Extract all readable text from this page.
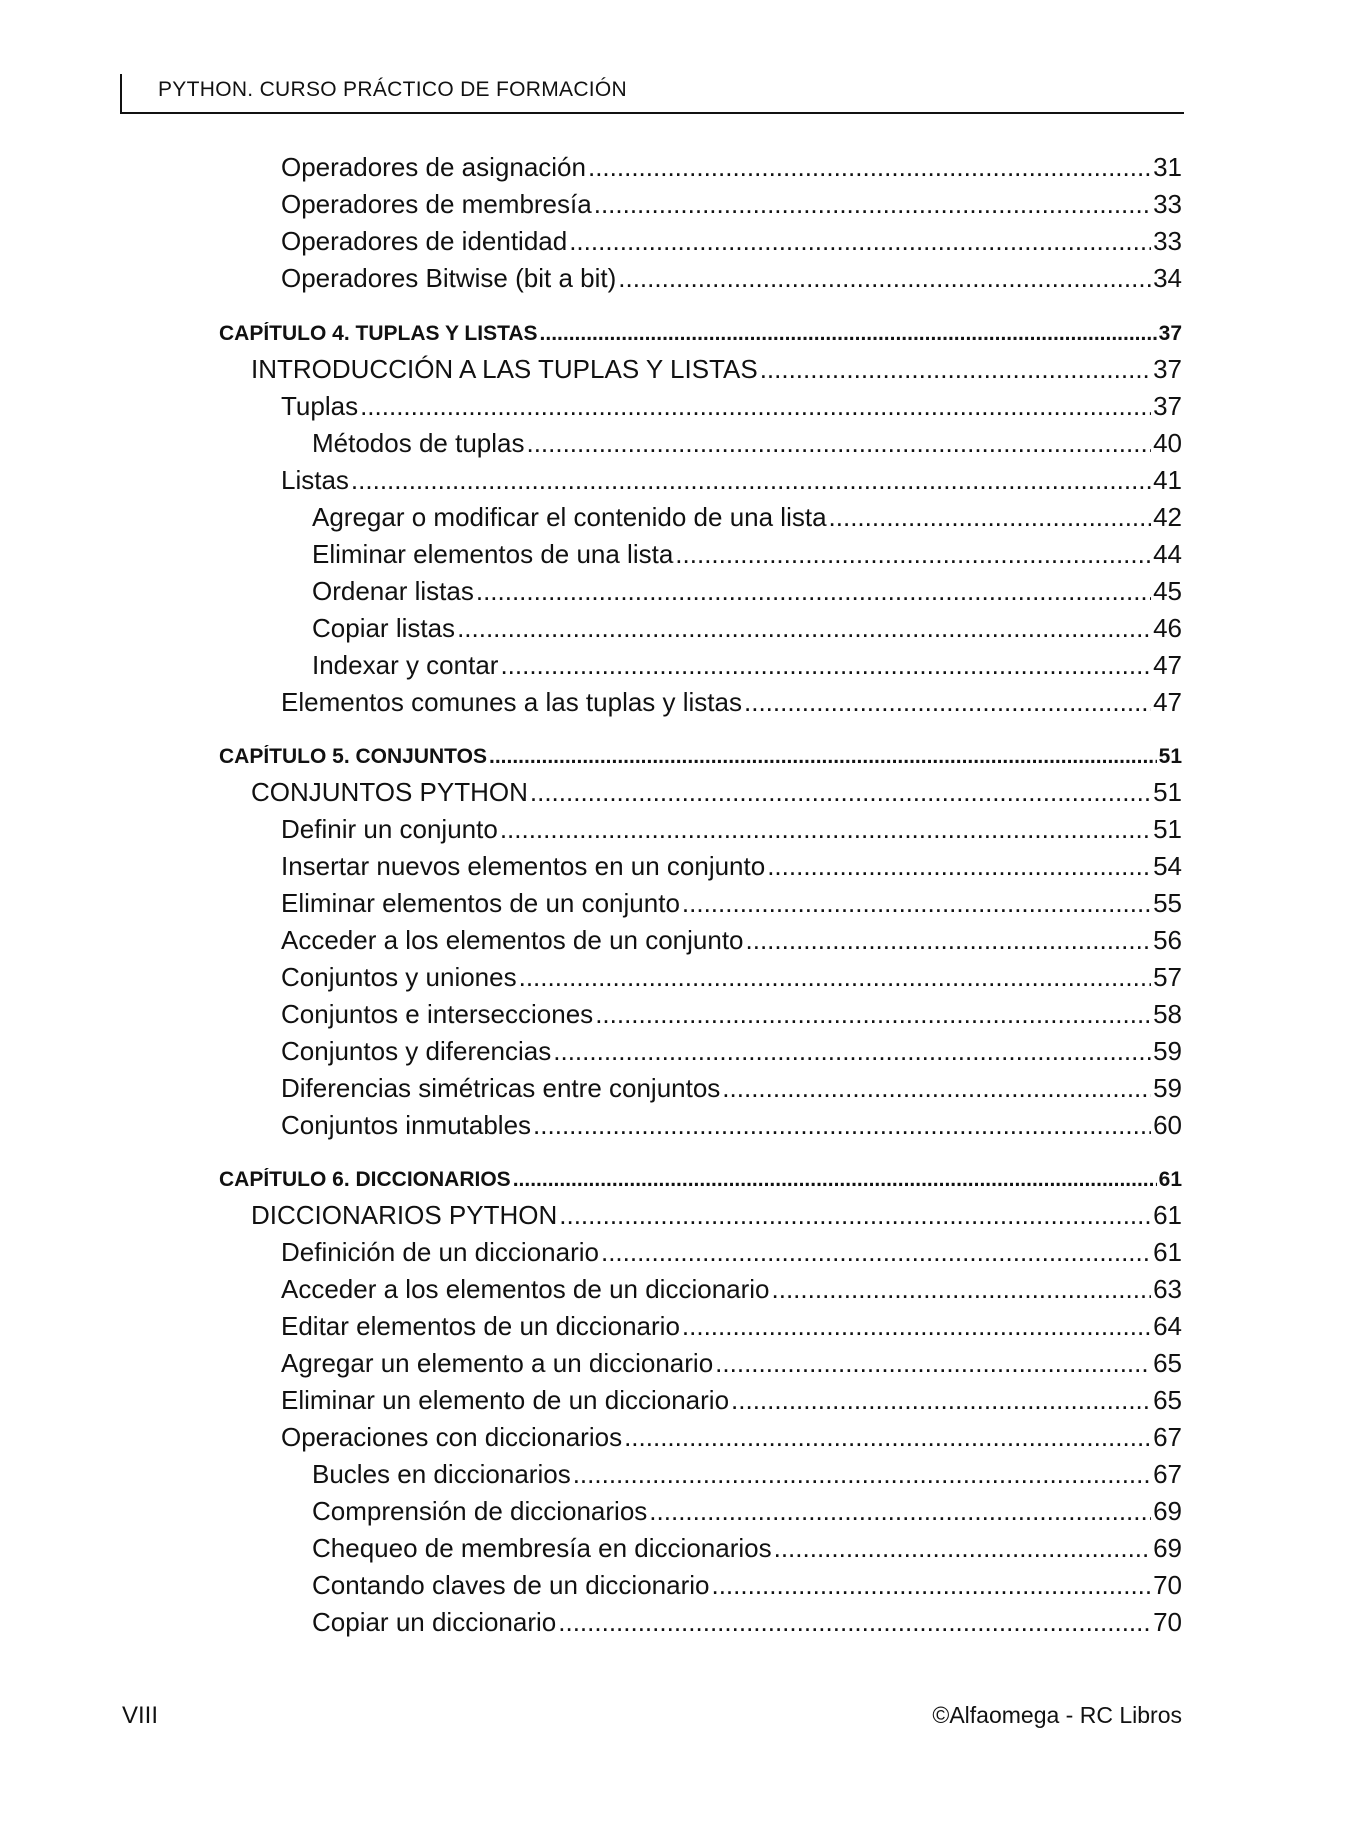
PYTHON. CURSO PRÁCTICO DE FORMACIÓN
Operadores de asignación .....	31
Operadores de membresía .....	33
Operadores de identidad .....	33
Operadores Bitwise (bit a bit) .....	34
CAPÍTULO 4. TUPLAS Y LISTAS .....	37
INTRODUCCIÓN A LAS TUPLAS Y LISTAS .....	37
Tuplas .....	37
Métodos de tuplas .....	40
Listas .....	41
Agregar o modificar el contenido de una lista .....	42
Eliminar elementos de una lista .....	44
Ordenar listas .....	45
Copiar listas .....	46
Indexar y contar .....	47
Elementos comunes a las tuplas y listas .....	47
CAPÍTULO 5. CONJUNTOS .....	51
CONJUNTOS PYTHON .....	51
Definir un conjunto .....	51
Insertar nuevos elementos en un conjunto .....	54
Eliminar elementos de un conjunto .....	55
Acceder a los elementos de un conjunto .....	56
Conjuntos y uniones .....	57
Conjuntos e intersecciones .....	58
Conjuntos y diferencias .....	59
Diferencias simétricas entre conjuntos .....	59
Conjuntos inmutables .....	60
CAPÍTULO 6. DICCIONARIOS .....	61
DICCIONARIOS PYTHON .....	61
Definición de un diccionario .....	61
Acceder a los elementos de un diccionario .....	63
Editar elementos de un diccionario .....	64
Agregar un elemento a un diccionario .....	65
Eliminar un elemento de un diccionario .....	65
Operaciones con diccionarios .....	67
Bucles en diccionarios .....	67
Comprensión de diccionarios .....	69
Chequeo de membresía en diccionarios .....	69
Contando claves de un diccionario .....	70
Copiar un diccionario .....	70
VIII	©Alfaomega - RC Libros
